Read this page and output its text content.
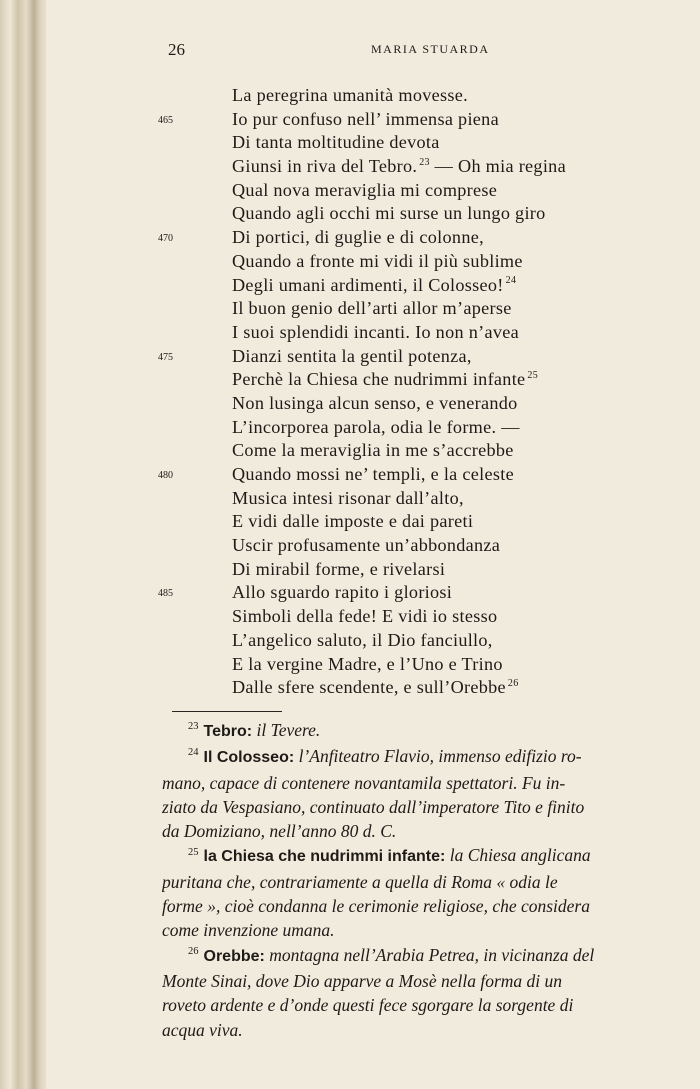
26	MARIA STUARDA
La peregrina umanità movesse.
465	Io pur confuso nell’ immensa piena
Di tanta moltitudine devota
Giunsi in riva del Tebro. $^{23}$ — Oh mia regina
Qual nova meraviglia mi comprese
Quando agli occhi mi surse un lungo giro
470	Di portici, di guglie e di colonne,
Quando a fronte mi vidi il più sublime
Degli umani ardimenti, il Colosseo! $^{24}$
Il buon genio dell’arti allor m’aperse
I suoi splendidi incanti. Io non n’avea
475	Dianzi sentita la gentil potenza,
Perchè la Chiesa che nudrimmi infante $^{25}$
Non lusinga alcun senso, e venerando
L’incorporea parola, odia le forme. —
Come la meraviglia in me s’accrebbe
480	Quando mossi ne’ templi, e la celeste
Musica intesi risonar dall’alto,
E vidi dalle imposte e dai pareti
Uscir profusamente un’abbondanza
Di mirabil forme, e rivelarsi
485	Allo sguardo rapito i gloriosi
Simboli della fede! E vidi io stesso
L’angelico saluto, il Dio fanciullo,
E la vergine Madre, e l’Uno e Trino
Dalle sfere scendente, e sull’Orebbe $^{26}$
$^{23}$ Tebro: il Tevere.
$^{24}$ Il Colosseo: l’Anfiteatro Flavio, immenso edifizio ro-
mano, capace di contenere novantamila spettatori. Fu in-
ziato da Vespasiano, continuato dall’imperatore Tito e finito
da Domiziano, nell’anno 80 d. C.
$^{25}$ la Chiesa che nudrimmi infante: la Chiesa anglicana
puritana che, contrariamente a quella di Roma « odia le
forme », cioè condanna le cerimonie religiose, che considera
come invenzione umana.
$^{26}$ Orebbe: montagna nell’Arabia Petrea, in vicinanza del
Monte Sinai, dove Dio apparve a Mosè nella forma di un
roveto ardente e d’onde questi fece sgorgare la sorgente di
acqua viva.
